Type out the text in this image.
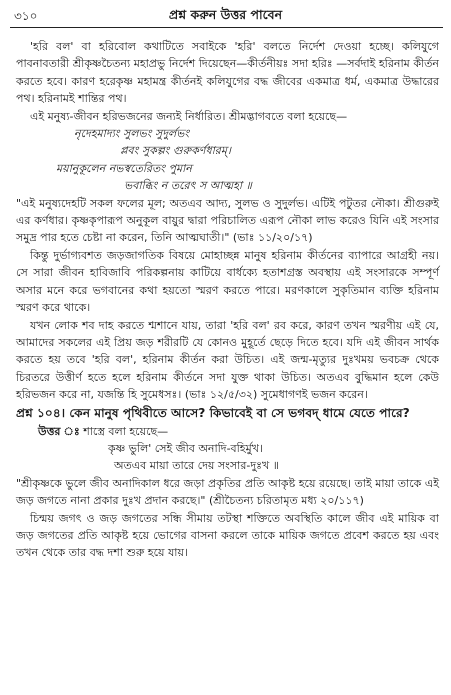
৩১০	প্রশ্ন করুন উত্তর পাবেন

'হরি বল' বা হরিবোল কথাটিতে সবাইকে 'হরি' বলতে নির্দেশ দেওয়া হচ্ছে। কলিযুগে পাবনাবতারী শ্রীকৃষ্ণচৈতন্য মহাপ্রভু নির্দেশ দিয়েছেন—কীর্তনীয়ঃ সদা হরিঃ —সর্বদাই হরিনাম কীর্তন করতে হবে। কারণ হরেকৃষ্ণ মহামন্ত্র কীর্তনই কলিযুগের বদ্ধ জীবের একমাত্র ধর্ম, একমাত্র উদ্ধারের পথ। হরিনামই শান্তির পথ।

এই মনুষ্য-জীবন হরিভজনের জন্যই নির্ধারিত। শ্রীমদ্ভাগবতে বলা হয়েছে—

নৃদেহমাদ্যং সুলভং সুদুর্লভং

প্লবং সুকল্পং গুরুকর্ণধারম্।

ময়ানুকূলেন নভস্বতেরিতং পুমান

ভবাব্ধিং ন তরেৎ স আত্মহা ॥

"এই মনুষ্যদেহটি সকল ফলের মূল; অতএব আদ্য, সুলভ ও সুদুর্লভ। এটিই পটুতর নৌকা। শ্রীগুরুই এর কর্ণধার। কৃষ্ণকৃপারূপ অনুকূল বায়ুর দ্বারা পরিচালিত এরূপ নৌকা লাভ করেও যিনি এই সংসার সমুদ্র পার হতে চেষ্টা না করেন, তিনি আত্মঘাতী।" (ভাঃ ১১/২০/১৭)

কিন্তু দুর্ভাগ্যবশত জড়জাগতিক বিষয়ে মোহাচ্ছন্ন মানুষ হরিনাম কীর্তনের ব্যাপারে আগ্রহী নয়। সে সারা জীবন হাবিজাবি পরিকল্পনায় কাটিয়ে বার্ধক্যে হতাশগ্রস্ত অবস্থায় এই সংসারকে সম্পূর্ণ অসার মনে করে ভগবানের কথা হয়তো স্মরণ করতে পারে। মরণকালে সুকৃতিমান ব্যক্তি হরিনাম স্মরণ করে থাকে।

যখন লোক শব দাহ করতে শ্মশানে যায়, তারা 'হরি বল' রব করে, কারণ তখন স্মরণীয় এই যে, আমাদের সকলের এই প্রিয় জড় শরীরটি যে কোনও মুহূর্তে ছেড়ে দিতে হবে। যদি এই জীবন সার্থক করতে হয় তবে 'হরি বল', হরিনাম কীর্তন করা উচিত। এই জন্ম-মৃত্যুর দুঃখময় ভবচক্র থেকে চিরতরে উত্তীর্ণ হতে হলে হরিনাম কীর্তনে সদা যুক্ত থাকা উচিত। অতএব বুদ্ধিমান হলে কেউ হরিভজন করে না, যজন্তি হি সুমেধসঃ। (ভাঃ ১২/৫/৩২) সুমেধাগণই ভজন করেন।

প্রশ্ন ১০৪। কেন মানুষ পৃথিবীতে আসে? কিভাবেই বা সে ভগবদ্ ধামে যেতে পারে?

উত্তর ঃ শাস্ত্রে বলা হয়েছে—

কৃষ্ণ ভুলি' সেই জীব অনাদি-বহির্মুখ।

অতএব মায়া তারে দেয় সংসার-দুঃখ ॥

"শ্রীকৃষ্ণকে ভুলে জীব অনাদিকাল ধরে জড়া প্রকৃতির প্রতি আকৃষ্ট হয়ে রয়েছে। তাই মায়া তাকে এই জড় জগতে নানা প্রকার দুঃখ প্রদান করছে।" (শ্রীচৈতন্য চরিতামৃত মধ্য ২০/১১৭)

চিন্ময় জগৎ ও জড় জগতের সন্ধি সীমায় তটস্থা শক্তিতে অবস্থিতি কালে জীব এই মায়িক বা জড় জগতের প্রতি আকৃষ্ট হয়ে ভোগের বাসনা করলে তাকে মায়িক জগতে প্রবেশ করতে হয় এবং তখন থেকে তার বদ্ধ দশা শুরু হয়ে যায়।
